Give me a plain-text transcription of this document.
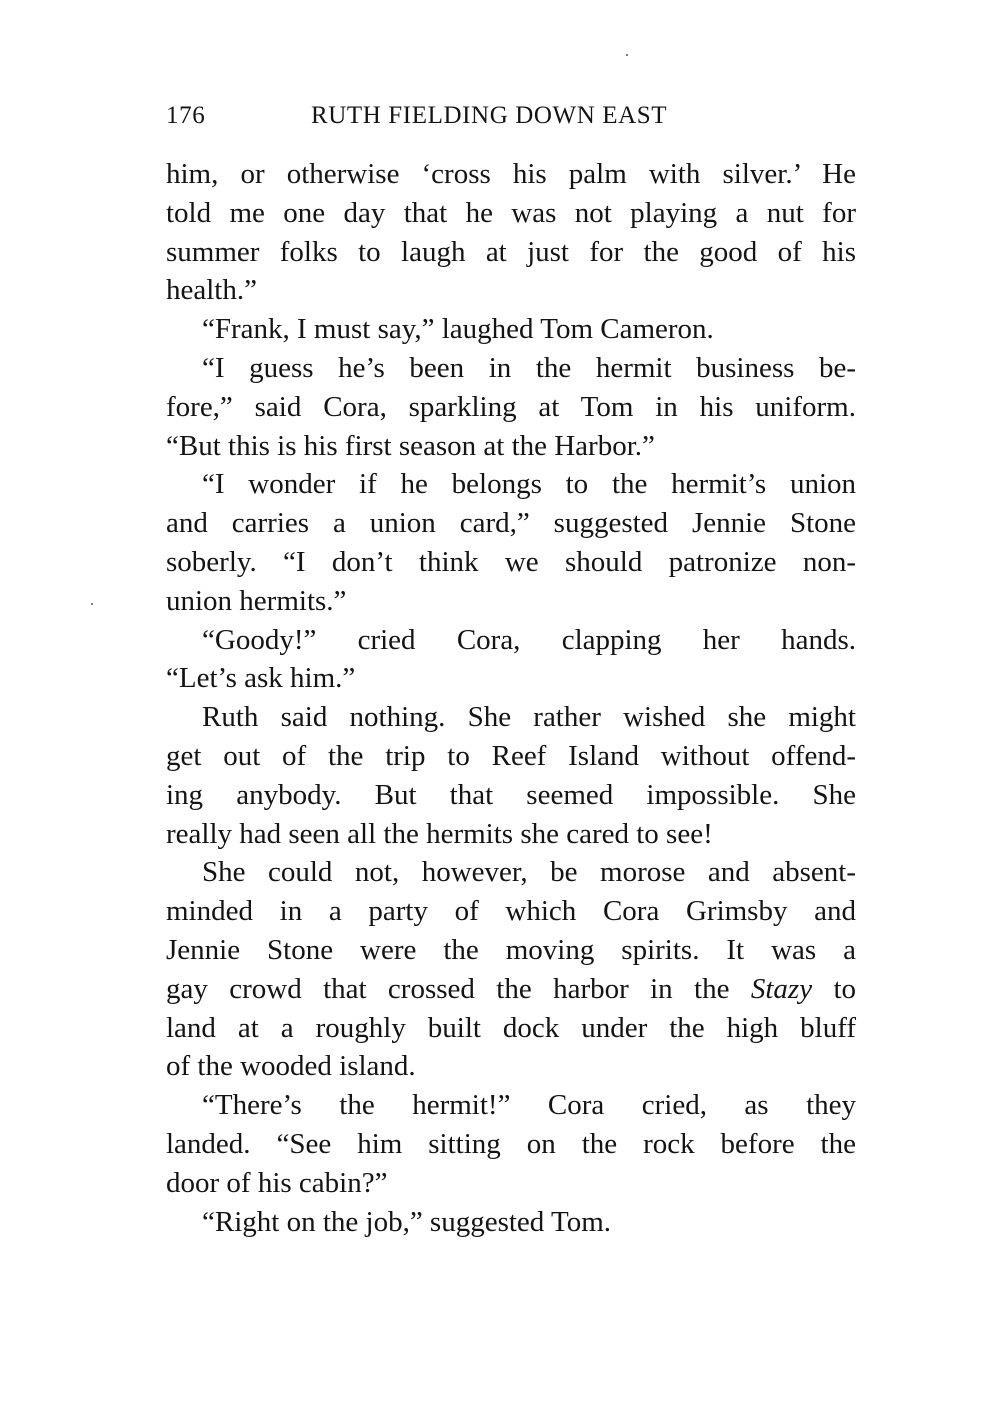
176	RUTH FIELDING DOWN EAST
him, or otherwise ‘cross his palm with silver.’ He
told me one day that he was not playing a nut for
summer folks to laugh at just for the good of his
health.”
“Frank, I must say,” laughed Tom Cameron.
“I guess he’s been in the hermit business be-
fore,” said Cora, sparkling at Tom in his uniform.
“But this is his first season at the Harbor.”
“I wonder if he belongs to the hermit’s union
and carries a union card,” suggested Jennie Stone
soberly. “I don’t think we should patronize non-
union hermits.”
“Goody!” cried Cora, clapping her hands.
“Let’s ask him.”
Ruth said nothing. She rather wished she might
get out of the trip to Reef Island without offend-
ing anybody. But that seemed impossible. She
really had seen all the hermits she cared to see!
She could not, however, be morose and absent-
minded in a party of which Cora Grimsby and
Jennie Stone were the moving spirits. It was a
gay crowd that crossed the harbor in the Stazy to
land at a roughly built dock under the high bluff
of the wooded island.
“There’s the hermit!” Cora cried, as they
landed. “See him sitting on the rock before the
door of his cabin?”
“Right on the job,” suggested Tom.
